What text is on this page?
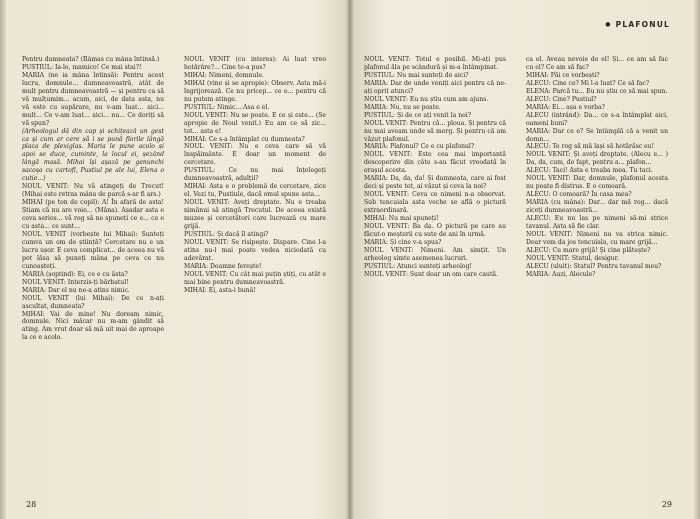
Pentru dumneata? (Râmas cu mâna întinsă.)

PUSTIUL: Ia-le, mamico! Ce mai stai?!

MARIA (ne ia mâna întinsă): Pentru acest lucru, domnule... dumneavoastră, atât de mult pentru dumneavoastră — și pentru ca să vă mulțumim... acum, aici, de data asta, nu vă este cu supărare, nu v-am luat... aici... mult... Ce v-am luat... aici... nu... Ce doriți să vă spun?

(Arheologul dă din cap și schițează un gest ca și cum ar cere să i se pună florile lângă placa de plexiglas. Maria le pune acolo și apoi se duce, cuminte, la locul ei, șezând lângă masă. Mihai își așază pe genunchi sacoșa cu cartofi, Pustiul pe ale lui, Elena o cutie...)

NOUL VENIT: Nu vă atingeți de Trecut! (Mihai este retras mâna de parcă s-ar fi ars.)

MIHAI (pe ton de copil): A! În afară de asta! Știam că nu are voie... (Mâna). Așadar asta e ceva serios... vă rog să ne spuneți ce e... ce e cu asta... ce sunt...

NOUL VENIT (vorbește lui Mihai): Sunteți cumva un om de știință? Cercetare nu e un lucru ușor. E ceva complicat... de aceea nu vă pot lăsa să puneți mâna pe ceva ce nu cunoașteți.

MARIA (șoptind): Ei, ce e cu ăsta?

NOUL VENIT: Interzis-ți bărbatul!

MARIA: Dar el nu ne-a atins nimic.

NOUL VENIT (lui Mihai): De ce n-ați ascultat, dumneata?

MIHAI: Vai de mine! Nu doream nimic, domnule. Nici măcar nu m-am gândit să ating. Am vrut doar să mă uit mai de aproape la ce e acolo.

NOUL VENIT (cu interes): Ai luat vreo hotărâre?... Cine te-a pus?

MIHAI: Nimeni, domnule.

MIHAI (vine și se apropie): Observ. Asta mă-i îngrijorează. Ce nu pricep... ce e... pentru că nu putem atinge.

PUSTIUL: Nimic... Asa e el.

NOUL VENIT: Nu se poate. E ce și este... (Se apropie de Noul venit.) Eu am ce să zic... tot... asta e!

MIHAI: Ce s-a întâmplat cu dumneata?

NOUL VENIT: Nu e ceva care să vă înspăimânte. E doar un moment de cercetare.

PUSTIUL: Ce nu mai înțelegeți dumneavoastră, adulții?

MIHAI: Asta e o problemă de cercetare, zice el. Vezi tu, Pustiule, dacă omul spune asta...

NOUL VENIT: Aveți dreptate. Nu e treaba nimănui să atingă Trecutul. De aceea există muzee și cercetători care lucrează cu mare grijă.

PUSTIUL: Și dacă îl atingi?

NOUL VENIT: Se risipește. Dispare. Cine l-a atins nu-l mai poate vedea niciodată cu adevărat.

MARIA: Doamne ferește!

NOUL VENIT: Cu cât mai puțin știți, cu atât e mai bine pentru dumneavoastră.

MIHAI: Ei, asta-i bună!

28
● PLAFONUL

NOUL VENIT: Totul e posibil. Mi-ați pus plafonul ăla pe scândură și m-a întâmpinat.

PUSTIUL: Nu mai sunteți de aici?

MARIA: Dar de unde veniți aici pentru că ne-ați oprit atunci?

NOUL VENIT: Eu nu știu cum am ajuns.

MARIA: Nu, nu se poate.

PUSTIUL: Și de ce ați venit la noi?

NOUL VENIT: Pentru că... ploua. Și pentru că nu mai aveam unde să merg. Și pentru că am văzut plafonul.

MARIA: Plafonul? Ce e cu plafonul?

NOUL VENIT: Este cea mai importantă descoperire din câte s-au făcut vreodată în orașul acesta.

MARIA: Da, da, da! Și dumneata, care ai fost deci și peste tot, ai văzut și ceva la noi?

NOUL VENIT: Ceva ce nimeni n-a observat. Sub tencuiala asta veche se află o pictură extraordinară.

MIHAI: Nu mai spuneți!

NOUL VENIT: Ba da. O pictură pe care au făcut-o meșterii cu sute de ani în urmă.

MARIA: Și cine v-a spus?

NOUL VENIT: Nimeni. Am simțit. Un arheolog simte asemenea lucruri.

PUSTIUL: Atunci sunteți arheolog!

NOUL VENIT: Sunt doar un om care caută.

ca el. Aveau nevoie de el! Și... ce am să fac cu el? Ce am să fac?

MIHAI: Păi ce vorbești?

ALECU: Cine ce? Mi l-a luat? Ce să fac?

ELENA: Parcă tu... Eu nu știu ce să mai spun.

ALECU: Cine? Pustiul?

MARIA: Ei... așa e vorba?

ALECU (intrând): Da... ce s-a întâmplat aici, oameni buni?

MARIA: Dar ce e? Se întâmplă că a venit un domn...

ALECU: Te rog să mă lași să hotărăsc eu!

NOUL VENIT: Și aveți dreptate. (Alecu e... ) Da, da, cum, de fapt, pentru a... plafon...

ALECU: Taci! Asta e treaba mea. Tu taci.

NOUL VENIT: Dar, domnule, plafonul acesta nu poate fi distrus. E o comoară.

ALECU: O comoară? În casa mea?

MARIA (cu mâna): Dar... dar mă rog... dacă ziceți dumneavoastră...

ALECU: Eu nu las pe nimeni să-mi strice tavanul. Asta să fie clar.

NOUL VENIT: Nimeni nu va strica nimic. Doar vom da jos tencuiala, cu mare grijă...

ALECU: Cu mare grijă! Și cine plătește?

NOUL VENIT: Statul, desigur.

ALECU (uluit): Statul? Pentru tavanul meu?

MARIA: Auzi, Alecule?

29
